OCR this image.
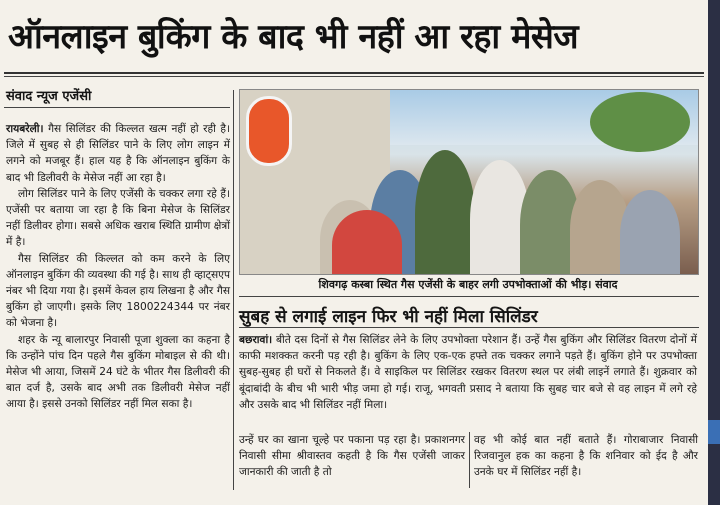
ऑनलाइन बुकिंग के बाद भी नहीं आ रहा मेसेज
संवाद न्यूज एजेंसी

रायबरेली। गैस सिलिंडर की किल्लत खत्म नहीं हो रही है। जिले में सुबह से ही सिलिंडर पाने के लिए लोग लाइन में लगने को मजबूर हैं। हाल यह है कि ऑनलाइन बुकिंग के बाद भी डिलीवरी के मेसेज नहीं आ रहा है।

लोग सिलिंडर पाने के लिए एजेंसी के चक्कर लगा रहे हैं। एजेंसी पर बताया जा रहा है कि बिना मेसेज के सिलिंडर नहीं डिलीवर होगा। सबसे अधिक खराब स्थिति ग्रामीण क्षेत्रों में है।

गैस सिलिंडर की किल्लत को कम करने के लिए ऑनलाइन बुकिंग की व्यवस्था की गई है। साथ ही व्हाट्सएप नंबर भी दिया गया है। इसमें केवल हाय लिखना है और गैस बुकिंग हो जाएगी। इसके लिए 1800224344 पर नंबर को भेजना है।

शहर के न्यू बालारपुर निवासी पूजा शुक्ला का कहना है कि उन्होंने पांच दिन पहले गैस बुकिंग मोबाइल से की थी। मेसेज भी आया, जिसमें 24 घंटे के भीतर गैस डिलीवरी की बात दर्ज है, उसके बाद अभी तक डिलीवरी मेसेज नहीं आया है। इससे उनको सिलिंडर नहीं मिल सका है।

शिवगढ़ कस्बा स्थित गैस एजेंसी के बाहर लगी उपभोक्ताओं की भीड़। संवाद
सुबह से लगाई लाइन फिर भी नहीं मिला सिलिंडर

बछरावां। बीते दस दिनों से गैस सिलिंडर लेने के लिए उपभोक्ता परेशान हैं। उन्हें गैस बुकिंग और सिलिंडर वितरण दोनों में काफी मशक्कत करनी पड़ रही है। बुकिंग के लिए एक-एक हफ्ते तक चक्कर लगाने पड़ते हैं। बुकिंग होने पर उपभोक्ता सुबह-सुबह ही घरों से निकलते हैं। वे साइकिल पर सिलिंडर रखकर वितरण स्थल पर लंबी लाइनें लगाते हैं। शुक्रवार को बूंदाबांदी के बीच भी भारी भीड़ जमा हो गई। राजू, भगवती प्रसाद ने बताया कि सुबह चार बजे से वह लाइन में लगे रहे और उसके बाद भी सिलिंडर नहीं मिला।

उन्हें घर का खाना चूल्हे पर पकाना पड़ रहा है। प्रकाशनगर निवासी सीमा श्रीवास्तव कहती है कि गैस एजेंसी जाकर जानकारी की जाती है तो
वह भी कोई बात नहीं बताते हैं। गोराबाजार निवासी रिजवानुल हक का कहना है कि शनिवार को ईद है और उनके घर में सिलिंडर नहीं है।
